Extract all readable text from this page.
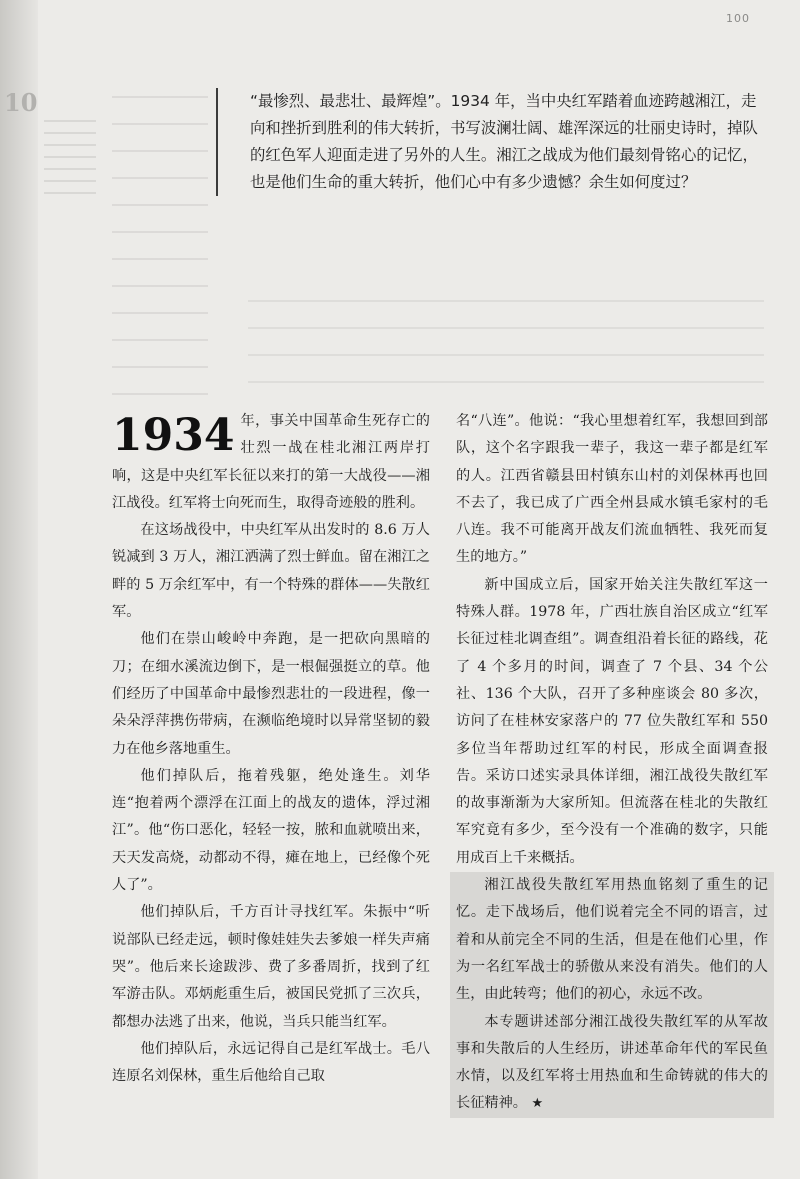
100
10	“最惨烈、最悲壮、最辉煌”。1934 年，当中央红军踏着血迹跨越湘江，走向和挫折到胜利的伟大转折，书写波澜壮阔、雄浑深远的壮丽史诗时，掉队的红色军人迎面走进了另外的人生。湘江之战成为他们最刻骨铭心的记忆，也是他们生命的重大转折，他们心中有多少遗憾？余生如何度过？

1934 年，事关中国革命生死存亡的壮烈一战在桂北湘江两岸打响，这是中央红军长征以来打的第一大战役——湘江战役。红军将士向死而生，取得奇迹般的胜利。

在这场战役中，中央红军从出发时的 8.6 万人锐减到 3 万人，湘江洒满了烈士鲜血。留在湘江之畔的 5 万余红军中，有一个特殊的群体——失散红军。

他们在崇山峻岭中奔跑，是一把砍向黑暗的刀；在细水溪流边倒下，是一根倔强挺立的草。他们经历了中国革命中最惨烈悲壮的一段进程，像一朵朵浮萍携伤带病，在濒临绝境时以异常坚韧的毅力在他乡落地重生。

他们掉队后，拖着残躯，绝处逢生。刘华连“抱着两个漂浮在江面上的战友的遗体，浮过湘江”。他“伤口恶化，轻轻一按，脓和血就喷出来，天天发高烧，动都动不得，瘫在地上，已经像个死人了”。

他们掉队后，千方百计寻找红军。朱振中“听说部队已经走远，顿时像娃娃失去爹娘一样失声痛哭”。他后来长途跋涉、费了多番周折，找到了红军游击队。邓炳彪重生后，被国民党抓了三次兵，都想办法逃了出来，他说，当兵只能当红军。

他们掉队后，永远记得自己是红军战士。毛八连原名刘保林，重生后他给自己取

名“八连”。他说：“我心里想着红军，我想回到部队，这个名字跟我一辈子，我这一辈子都是红军的人。江西省赣县田村镇东山村的刘保林再也回不去了，我已成了广西全州县咸水镇毛家村的毛八连。我不可能离开战友们流血牺牲、我死而复生的地方。”

新中国成立后，国家开始关注失散红军这一特殊人群。1978 年，广西壮族自治区成立“红军长征过桂北调查组”。调查组沿着长征的路线，花了 4 个多月的时间，调查了 7 个县、34 个公社、136 个大队，召开了多种座谈会 80 多次，访问了在桂林安家落户的 77 位失散红军和 550 多位当年帮助过红军的村民，形成全面调查报告。采访口述实录具体详细，湘江战役失散红军的故事渐渐为大家所知。但流落在桂北的失散红军究竟有多少，至今没有一个准确的数字，只能用成百上千来概括。

湘江战役失散红军用热血铭刻了重生的记忆。走下战场后，他们说着完全不同的语言，过着和从前完全不同的生活，但是在他们心里，作为一名红军战士的骄傲从来没有消失。他们的人生，由此转弯；他们的初心，永远不改。

本专题讲述部分湘江战役失散红军的从军故事和失散后的人生经历，讲述革命年代的军民鱼水情，以及红军将士用热血和生命铸就的伟大的长征精神。 ★
